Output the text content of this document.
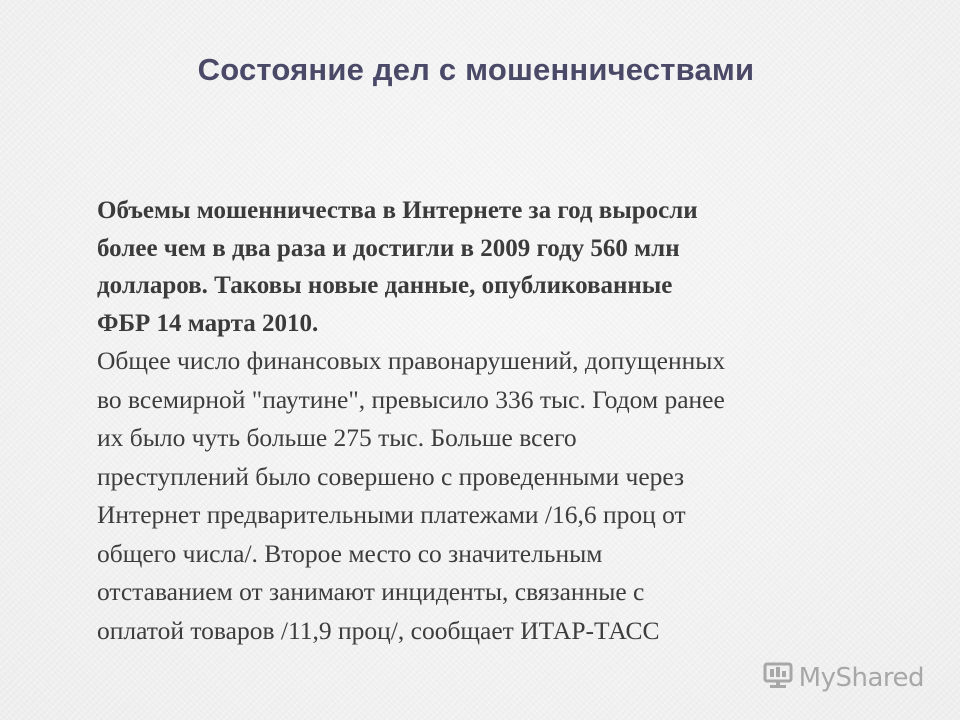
Состояние дел с мошенничествами

Объемы мошенничества в Интернете за год выросли
более чем в два раза и достигли в 2009 году 560 млн
долларов. Таковы новые данные, опубликованные
ФБР 14 марта 2010.

Общее число финансовых правонарушений, допущенных
во всемирной "паутине", превысило 336 тыс. Годом ранее
их было чуть больше 275 тыс. Больше всего
преступлений было совершено с проведенными через
Интернет предварительными платежами /16,6 проц от
общего числа/. Второе место со значительным
отставанием от занимают инциденты, связанные с
оплатой товаров /11,9 проц/, сообщает ИТАР-ТАСС

MyShared
